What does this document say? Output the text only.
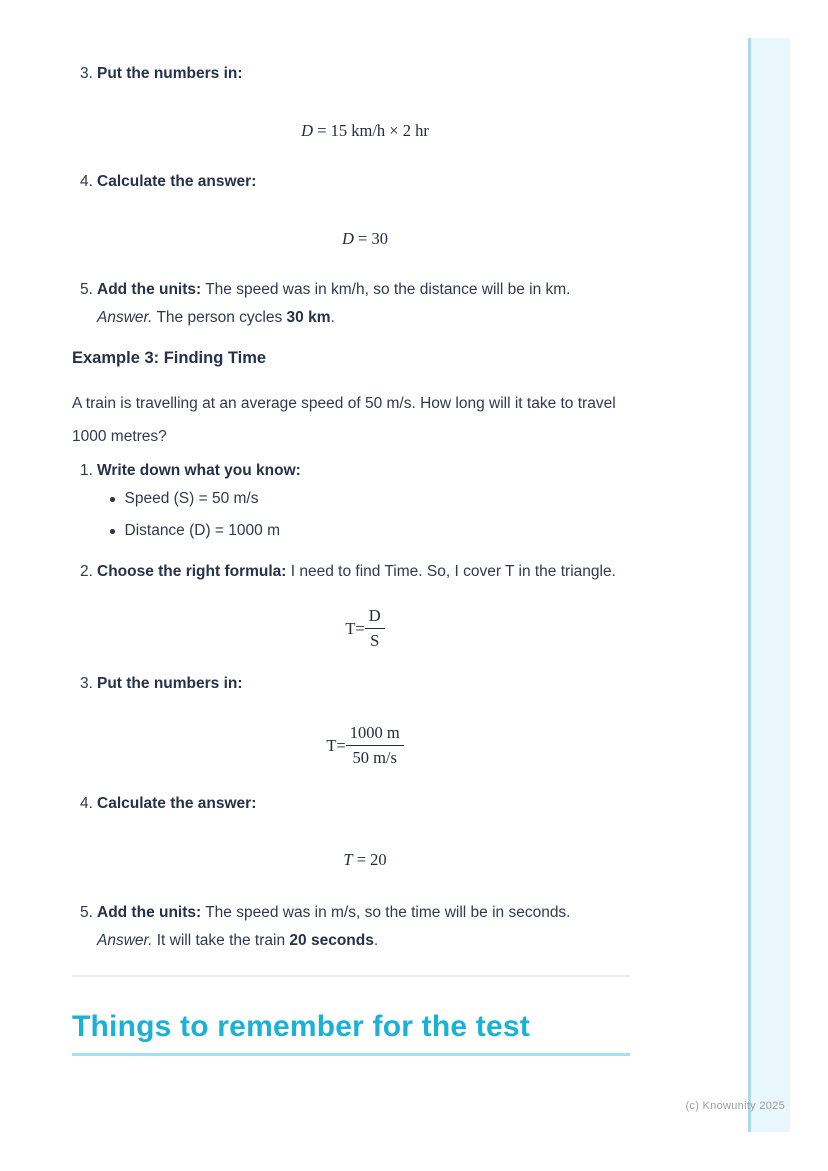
3. Put the numbers in:
D = 15 km/h × 2 hr
4. Calculate the answer:
D = 30
5. Add the units: The speed was in km/h, so the distance will be in km.
Answer. The person cycles 30 km.
Example 3: Finding Time
A train is travelling at an average speed of 50 m/s. How long will it take to travel 1000 metres?
1. Write down what you know:
Speed (S) = 50 m/s
Distance (D) = 1000 m
2. Choose the right formula: I need to find Time. So, I cover T in the triangle.
$T = \frac{D}{S}$
3. Put the numbers in:
$T = \frac{1000 m}{50 m/s}$
4. Calculate the answer:
T = 20
5. Add the units: The speed was in m/s, so the time will be in seconds.
Answer. It will take the train 20 seconds.
Things to remember for the test
(c) Knowunity 2025
